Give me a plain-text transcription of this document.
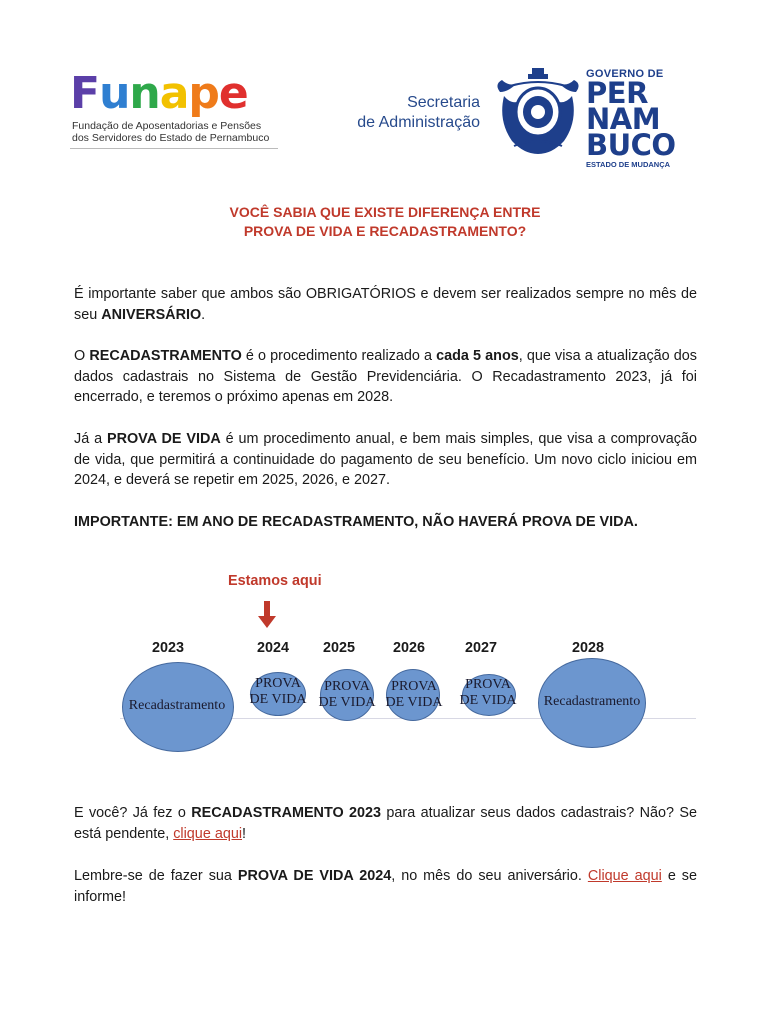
Funape
Fundação de Aposentadorias e Pensões
dos Servidores do Estado de Pernambuco
Secretaria
de Administração
GOVERNO DE
PER
NAM
BUCO
ESTADO DE MUDANÇA
VOCÊ SABIA QUE EXISTE DIFERENÇA ENTRE
PROVA DE VIDA E RECADASTRAMENTO?
É importante saber que ambos são OBRIGATÓRIOS e devem ser realizados sempre no mês de seu ANIVERSÁRIO.
O RECADASTRAMENTO é o procedimento realizado a cada 5 anos, que visa a atualização dos dados cadastrais no Sistema de Gestão Previdenciária. O Recadastramento 2023, já foi encerrado, e teremos o próximo apenas em 2028.
Já a PROVA DE VIDA é um procedimento anual, e bem mais simples, que visa a comprovação de vida, que permitirá a continuidade do pagamento de seu benefício. Um novo ciclo iniciou em 2024, e deverá se repetir em 2025, 2026, e 2027.
IMPORTANTE: EM ANO DE RECADASTRAMENTO, NÃO HAVERÁ PROVA DE VIDA.
Estamos aqui
2023	2024 2025	2026	2027	2028
Recadastramento
PROVA DE VIDA
PROVA DE VIDA
PROVA DE VIDA
PROVA DE VIDA	Recadastramento
E você? Já fez o RECADASTRAMENTO 2023 para atualizar seus dados cadastrais? Não? Se está pendente, clique aqui!
Lembre-se de fazer sua PROVA DE VIDA 2024, no mês do seu aniversário. Clique aqui e se informe!
